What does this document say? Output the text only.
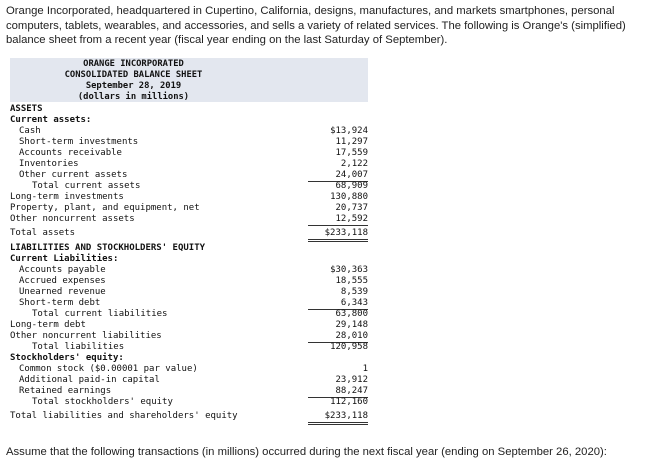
Orange Incorporated, headquartered in Cupertino, California, designs, manufactures, and markets smartphones, personal computers, tablets, wearables, and accessories, and sells a variety of related services. The following is Orange's (simplified) balance sheet from a recent year (fiscal year ending on the last Saturday of September).
ORANGE INCORPORATED
CONSOLIDATED BALANCE SHEET
September 28, 2019
(dollars in millions)
ASSETS
Current assets:
Cash	$13,924
Short-term investments	11,297
Accounts receivable	17,559
Inventories	2,122
Other current assets	24,007
Total current assets	68,909
Long-term investments	130,880
Property, plant, and equipment, net	20,737
Other noncurrent assets	12,592
Total assets	$233,118
LIABILITIES AND STOCKHOLDERS' EQUITY
Current Liabilities:
Accounts payable	$30,363
Accrued expenses	18,555
Unearned revenue	8,539
Short-term debt	6,343
Total current liabilities	63,800
Long-term debt	29,148
Other noncurrent liabilities	28,010
Total liabilities	120,958
Stockholders' equity:
Common stock ($0.00001 par value)	1
Additional paid-in capital	23,912
Retained earnings	88,247
Total stockholders' equity	112,160
Total liabilities and shareholders' equity	$233,118
Assume that the following transactions (in millions) occurred during the next fiscal year (ending on September 26, 2020):
